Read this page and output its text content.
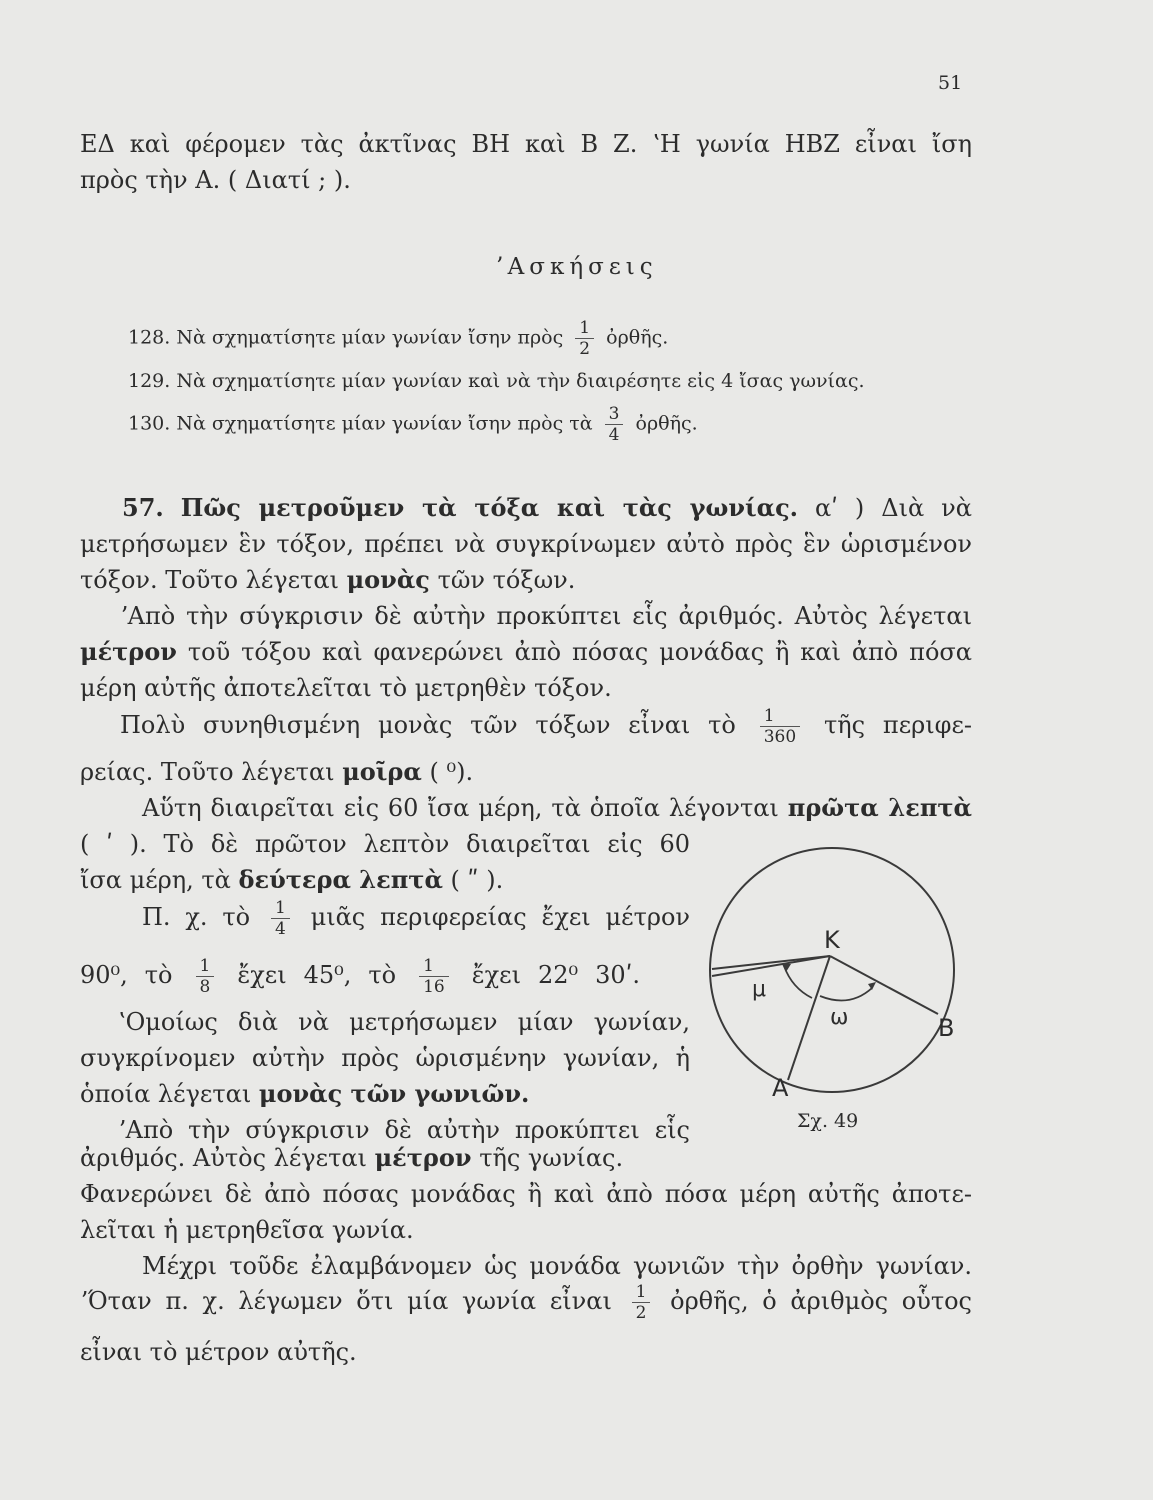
51
ΕΔ καὶ φέρομεν τὰς ἀκτῖνας ΒΗ καὶ Β Ζ. ʽΗ γωνία ΗΒΖ εἶναι ἴση
πρὸς τὴν Α. ( Διατί ; ).
ʼΑσκήσεις
128. Νὰ σχηματίσητε μίαν γωνίαν ἴσην πρὸς $\frac{1}{2}$ ὀρθῆς.
129. Νὰ σχηματίσητε μίαν γωνίαν καὶ νὰ τὴν διαιρέσητε εἰς 4 ἴσας γωνίας.
130. Νὰ σχηματίσητε μίαν γωνίαν ἴσην πρὸς τὰ $\frac{3}{4}$ ὀρθῆς.
57. Πῶς μετροῦμεν τὰ τόξα καὶ τὰς γωνίας. αʹ ) Διὰ νὰ
μετρήσωμεν ἓν τόξον, πρέπει νὰ συγκρίνωμεν αὐτὸ πρὸς ἓν ὡρισμένον
τόξον. Τοῦτο λέγεται μονὰς τῶν τόξων.
ʼΑπὸ τὴν σύγκρισιν δὲ αὐτὴν προκύπτει εἷς ἀριθμός. Αὐτὸς λέγεται
μέτρον τοῦ τόξου καὶ φανερώνει ἀπὸ πόσας μονάδας ἢ καὶ ἀπὸ πόσα
μέρη αὐτῆς ἀποτελεῖται τὸ μετρηθὲν τόξον.
Πολὺ συνηθισμένη μονὰς τῶν τόξων εἶναι τὸ $\frac{1}{360}$ τῆς περιφε-
ρείας. Τοῦτο λέγεται μοῖρα ( ⁰).
Αὕτη διαιρεῖται εἰς 60 ἴσα μέρη, τὰ ὁποῖα λέγονται πρῶτα λεπτὰ
( ʹ ). Τὸ δὲ πρῶτον λεπτὸν διαιρεῖται εἰς 60
ἴσα μέρη, τὰ δεύτερα λεπτὰ ( ʺ ).
Π. χ. τὸ $\frac{1}{4}$ μιᾶς περιφερείας ἔχει μέτρον
90⁰, τὸ $\frac{1}{8}$ ἔχει 45⁰, τὸ $\frac{1}{16}$ ἔχει 22⁰ 30ʹ.
ʽΟμοίως διὰ νὰ μετρήσωμεν μίαν γωνίαν,
συγκρίνομεν αὐτὴν πρὸς ὡρισμένην γωνίαν, ἡ
ὁποία λέγεται μονὰς τῶν γωνιῶν.
ʼΑπὸ τὴν σύγκρισιν δὲ αὐτὴν προκύπτει εἷς
ἀριθμός. Αὐτὸς λέγεται μέτρον τῆς γωνίας.
Φανερώνει δὲ ἀπὸ πόσας μονάδας ἢ καὶ ἀπὸ πόσα μέρη αὐτῆς ἀποτε-
λεῖται ἡ μετρηθεῖσα γωνία.
Μέχρι τοῦδε ἐλαμβάνομεν ὡς μονάδα γωνιῶν τὴν ὀρθὴν γωνίαν.
ʼΌταν π. χ. λέγωμεν ὅτι μία γωνία εἶναι $\frac{1}{2}$ ὀρθῆς, ὁ ἀριθμὸς οὗτος
εἶναι τὸ μέτρον αὐτῆς.
K
μ
ω	B
A
Σχ. 49
